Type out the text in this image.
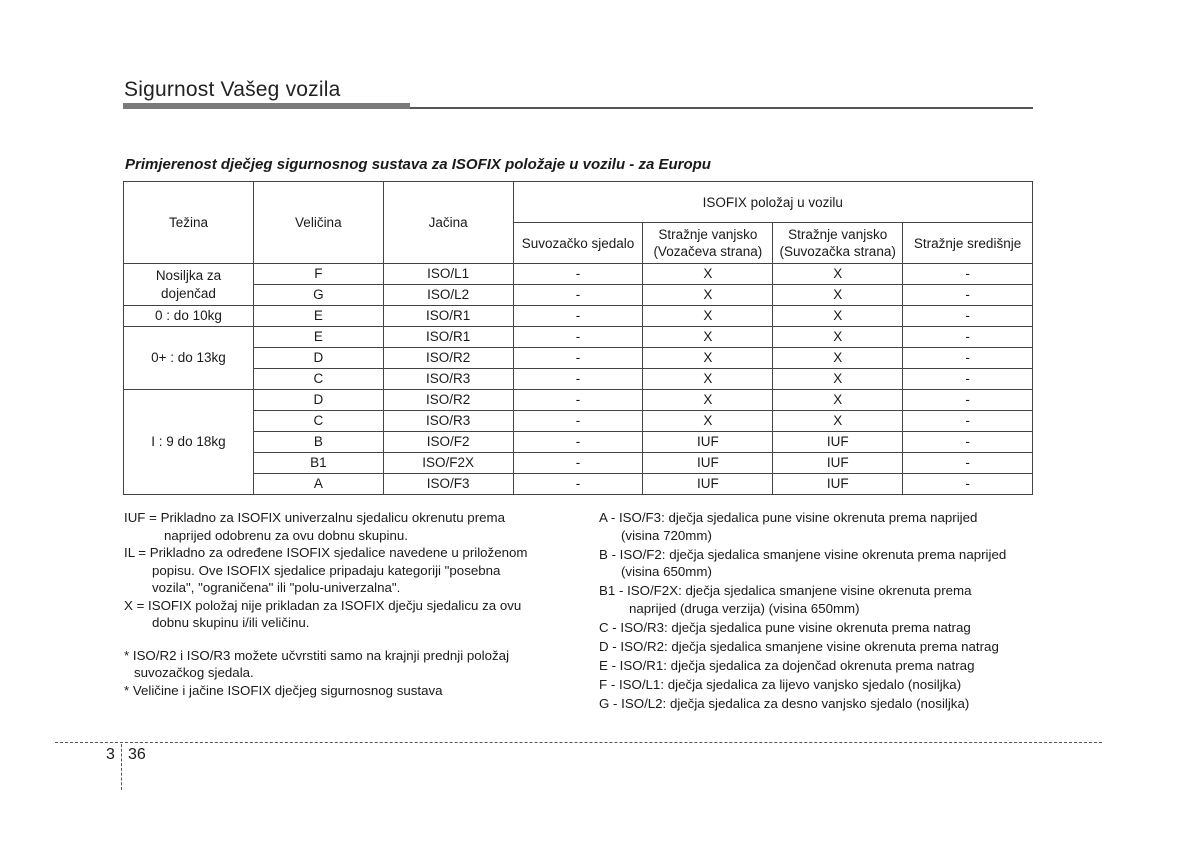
Sigurnost Vašeg vozila
Primjerenost dječjeg sigurnosnog sustava za ISOFIX položaje u vozilu - za Europu
Težina	Veličina	Jačina	ISOFIX položaj u vozilu			
			Suvozačko sjedalo	Stražnje vanjsko (Vozačeva strana)	Stražnje vanjsko (Suvozačka strana)	Stražnje središnje
Nosiljka za dojenčad	F	ISO/L1	-	X	X	-
	G	ISO/L2	-	X	X	-
0 : do 10kg	E	ISO/R1	-	X	X	-
0+ : do 13kg	E	ISO/R1	-	X	X	-
	D	ISO/R2	-	X	X	-
	C	ISO/R3	-	X	X	-
I : 9 do 18kg	D	ISO/R2	-	X	X	-
	C	ISO/R3	-	X	X	-
	B	ISO/F2	-	IUF	IUF	-
	B1	ISO/F2X	-	IUF	IUF	-
	A	ISO/F3	-	IUF	IUF	-

IUF = Prikladno za ISOFIX univerzalnu sjedalicu okrenutu prema
naprijed odobrenu za ovu dobnu skupinu.

IL = Prikladno za određene ISOFIX sjedalice navedene u priloženom
popisu. Ove ISOFIX sjedalice pripadaju kategoriji "posebna
vozila", "ograničena" ili "polu-univerzalna".

X = ISOFIX položaj nije prikladan za ISOFIX dječju sjedalicu za ovu
dobnu skupinu i/ili veličinu.

* ISO/R2 i ISO/R3 možete učvrstiti samo na krajnji prednji položaj
suvozačkog sjedala.

* Veličine i jačine ISOFIX dječjeg sigurnosnog sustava

A - ISO/F3: dječja sjedalica pune visine okrenuta prema naprijed
(visina 720mm)

B - ISO/F2: dječja sjedalica smanjene visine okrenuta prema naprijed
(visina 650mm)

B1 - ISO/F2X: dječja sjedalica smanjene visine okrenuta prema
naprijed (druga verzija) (visina 650mm)

C - ISO/R3: dječja sjedalica pune visine okrenuta prema natrag

D - ISO/R2: dječja sjedalica smanjene visine okrenuta prema natrag

E - ISO/R1: dječja sjedalica za dojenčad okrenuta prema natrag

F - ISO/L1: dječja sjedalica za lijevo vanjsko sjedalo (nosiljka)

G - ISO/L2: dječja sjedalica za desno vanjsko sjedalo (nosiljka)

3 36
